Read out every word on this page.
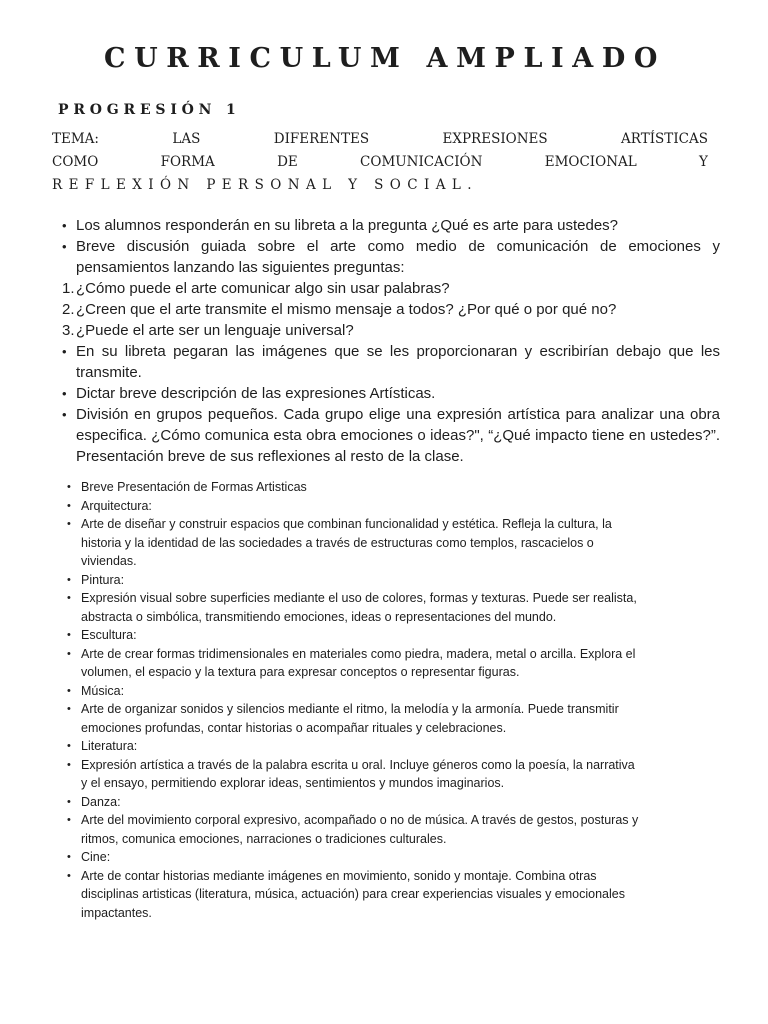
CURRICULUM AMPLIADO
PROGRESIÓN 1
TEMA:	LAS	DIFERENTES	EXPRESIONES	ARTÍSTICAS
COMO	FORMA	DE	COMUNICACIÓN	EMOCIONAL	Y
REFLEXIÓN PERSONAL Y SOCIAL.
• Los alumnos responderán en su libreta a la pregunta ¿Qué es arte para ustedes?
• Breve discusión guiada sobre el arte como medio de comunicación de emociones y pensamientos lanzando las siguientes preguntas:
1. ¿Cómo puede el arte comunicar algo sin usar palabras?
2. ¿Creen que el arte transmite el mismo mensaje a todos? ¿Por qué o por qué no?
3. ¿Puede el arte ser un lenguaje universal?
• En su libreta pegaran las imágenes que se les proporcionaran y escribirían debajo que les transmite.
• Dictar breve descripción de las expresiones Artísticas.
• División en grupos pequeños. Cada grupo elige una expresión artística para analizar una obra especifica. ¿Cómo comunica esta obra emociones o ideas?", “¿Qué impacto tiene en ustedes?”. Presentación breve de sus reflexiones al resto de la clase.
• Breve Presentación de Formas Artisticas
• Arquitectura:
• Arte de diseñar y construir espacios que combinan funcionalidad y estética. Refleja la cultura, la historia y la identidad de las sociedades a través de estructuras como templos, rascacielos o viviendas.
• Pintura:
• Expresión visual sobre superficies mediante el uso de colores, formas y texturas. Puede ser realista, abstracta o simbólica, transmitiendo emociones, ideas o representaciones del mundo.
• Escultura:
• Arte de crear formas tridimensionales en materiales como piedra, madera, metal o arcilla. Explora el volumen, el espacio y la textura para expresar conceptos o representar figuras.
• Música:
• Arte de organizar sonidos y silencios mediante el ritmo, la melodía y la armonía. Puede transmitir emociones profundas, contar historias o acompañar rituales y celebraciones.
• Literatura:
• Expresión artística a través de la palabra escrita u oral. Incluye géneros como la poesía, la narrativa y el ensayo, permitiendo explorar ideas, sentimientos y mundos imaginarios.
• Danza:
• Arte del movimiento corporal expresivo, acompañado o no de música. A través de gestos, posturas y ritmos, comunica emociones, narraciones o tradiciones culturales.
• Cine:
• Arte de contar historias mediante imágenes en movimiento, sonido y montaje. Combina otras disciplinas artisticas (literatura, música, actuación) para crear experiencias visuales y emocionales impactantes.
